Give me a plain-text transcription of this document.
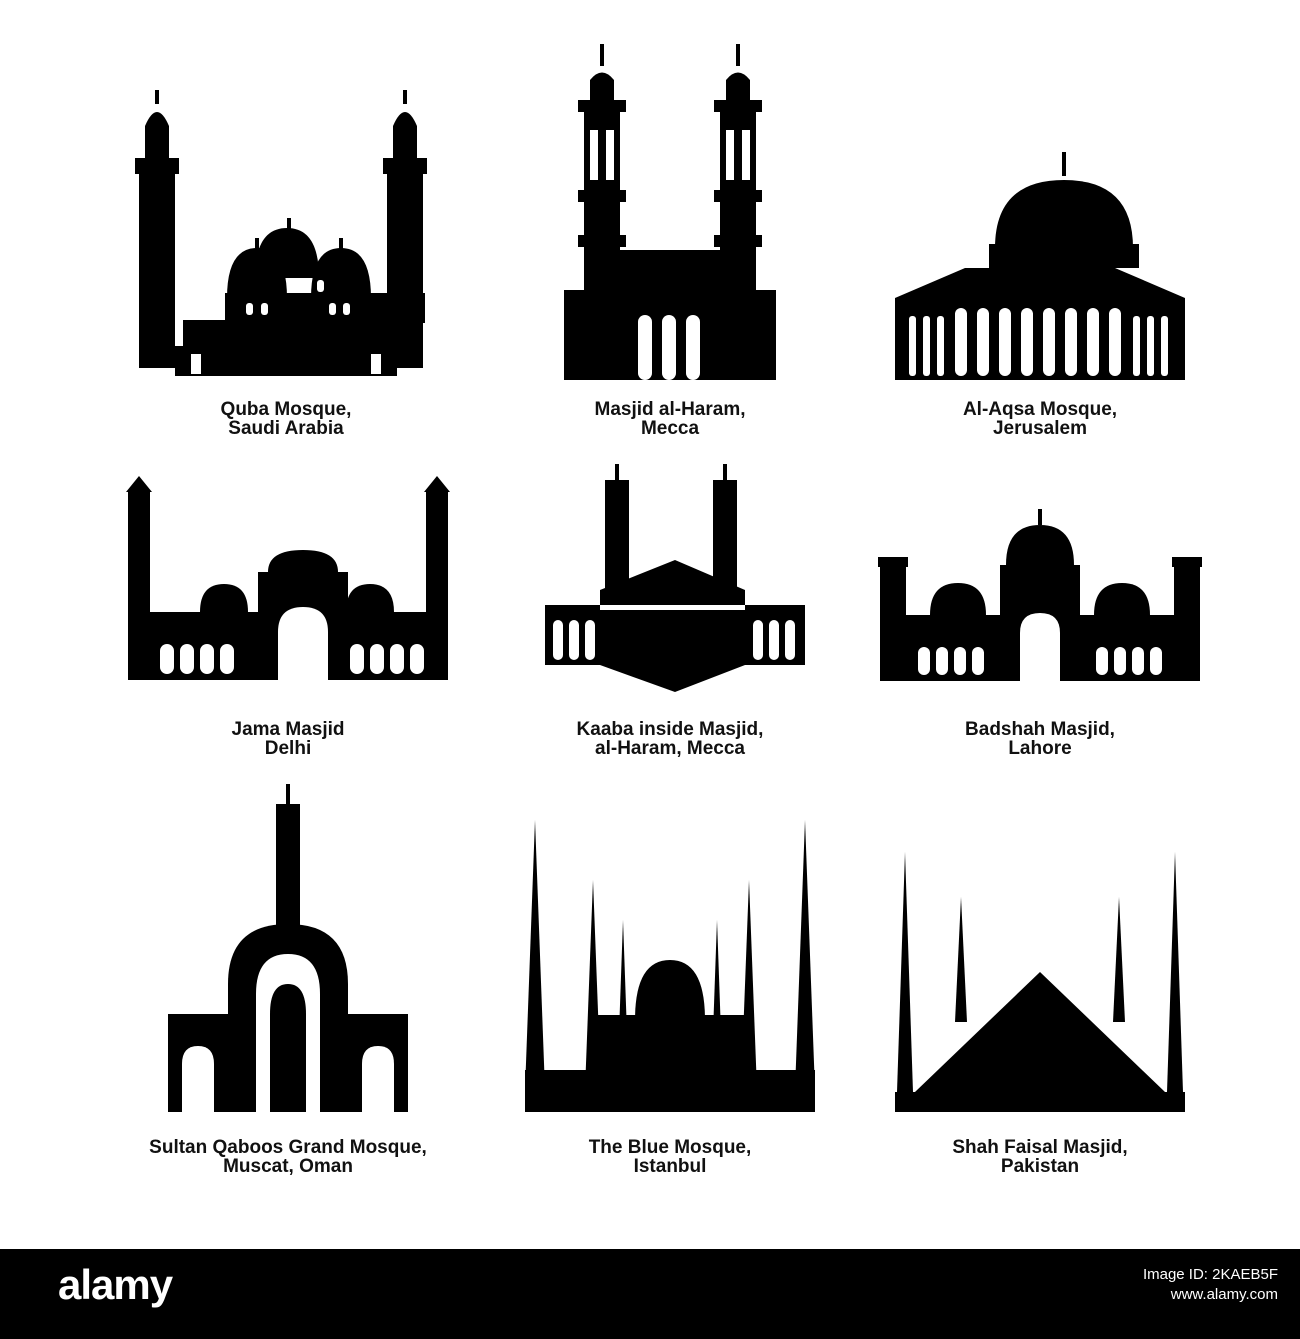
Quba Mosque,
Saudi Arabia
Masjid al-Haram,
Mecca
Al-Aqsa Mosque,
Jerusalem
Jama Masjid
Delhi
Kaaba inside Masjid,
al-Haram, Mecca
Badshah Masjid,
Lahore
Sultan Qaboos Grand Mosque,
Muscat, Oman
The Blue Mosque,
Istanbul
Shah Faisal Masjid,
Pakistan
alamy	Image ID: 2KAEB5F
www.alamy.com
